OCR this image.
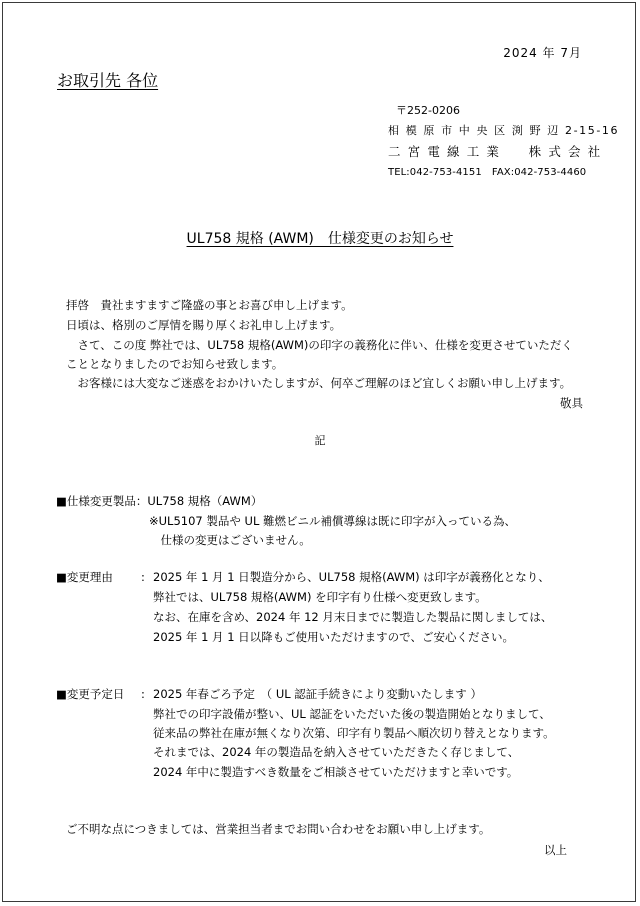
2024 年 7月
お取引先 各位
〒252-0206
相 模 原 市 中 央 区 渕 野 辺 2-15-16
二 宮 電 線 工 業　　株 式 会 社
TEL:042-753-4151　FAX:042-753-4460
UL758 規格 (AWM)　仕様変更のお知らせ
拝啓　貴社ますますご隆盛の事とお喜び申し上げます。
日頃は、格別のご厚情を賜り厚くお礼申し上げます。
　さて、この度 弊社では、UL758 規格(AWM)の印字の義務化に伴い、仕様を変更させていただく
こととなりましたのでお知らせ致します。
　お客様には大変なご迷惑をおかけいたしますが、何卒ご理解のほど宜しくお願い申し上げます。
敬具
記
■仕様変更製品：UL758 規格（AWM）
※UL5107 製品や UL 難燃ビニル補償導線は既に印字が入っている為、
　仕様の変更はございません。
■変更理由 : 2025 年 1 月 1 日製造分から、UL758 規格(AWM) は印字が義務化となり、
弊社では、UL758 規格(AWM) を印字有り仕様へ変更致します。
なお、在庫を含め、2024 年 12 月末日までに製造した製品に関しましては、
2025 年 1 月 1 日以降もご使用いただけますので、ご安心ください。
■変更予定日 : 2025 年春ごろ予定　（ UL 認証手続きにより変動いたします ）
弊社での印字設備が整い、UL 認証をいただいた後の製造開始となりまして、
従来品の弊社在庫が無くなり次第、印字有り製品へ順次切り替えとなります。
それまでは、2024 年の製造品を納入させていただきたく存じまして、
2024 年中に製造すべき数量をご相談させていただけますと幸いです。
ご不明な点につきましては、営業担当者までお問い合わせをお願い申し上げます。
以上
